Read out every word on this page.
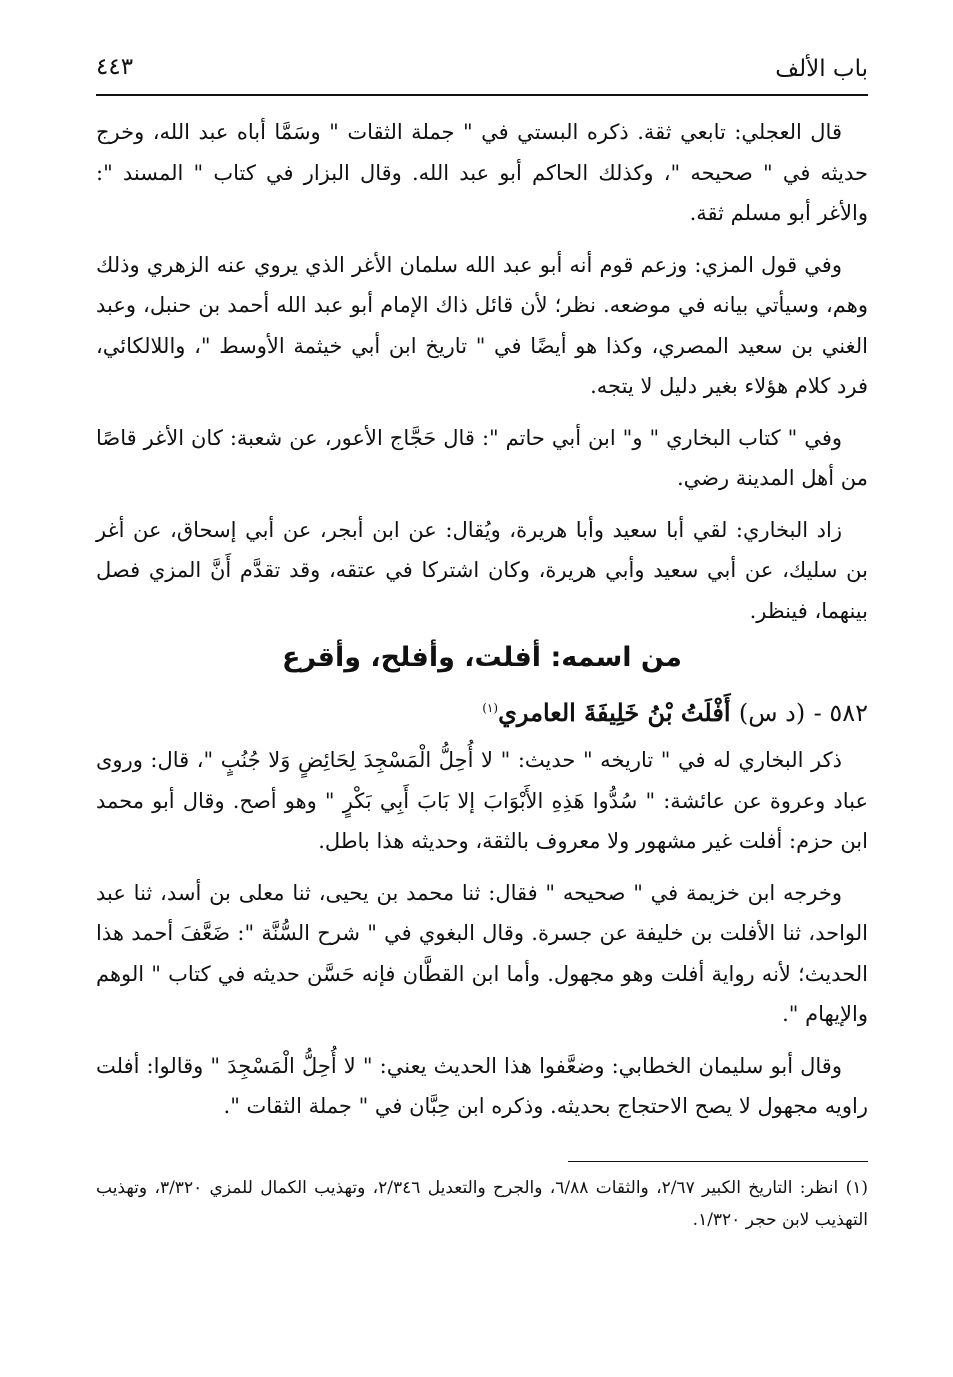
باب الألف
٤٤٣

قال العجلي: تابعي ثقة. ذكره البستي في " جملة الثقات " وسَمَّا أباه عبد الله، وخرج حديثه في " صحيحه "، وكذلك الحاكم أبو عبد الله. وقال البزار في كتاب " المسند ": والأغر أبو مسلم ثقة.

وفي قول المزي: وزعم قوم أنه أبو عبد الله سلمان الأغر الذي يروي عنه الزهري وذلك وهم، وسيأتي بيانه في موضعه. نظر؛ لأن قائل ذاك الإمام أبو عبد الله أحمد بن حنبل، وعبد الغني بن سعيد المصري، وكذا هو أيضًا في " تاريخ ابن أبي خيثمة الأوسط "، واللالكائي، فرد كلام هؤلاء بغير دليل لا يتجه.

وفي " كتاب البخاري " و" ابن أبي حاتم ": قال حَجَّاج الأعور، عن شعبة: كان الأغر قاصًا من أهل المدينة رضي.

زاد البخاري: لقي أبا سعيد وأبا هريرة، ويُقال: عن ابن أبجر، عن أبي إسحاق، عن أغر بن سليك، عن أبي سعيد وأبي هريرة، وكان اشتركا في عتقه، وقد تقدَّم أَنَّ المزي فصل بينهما، فينظر.

من اسمه: أفلت، وأفلح، وأقرع
٥٨٢ - (د س) أَفْلَتُ بْنُ خَلِيفَةَ العامري$^{(١)}$

ذكر البخاري له في " تاريخه " حديث: " لا أُحِلُّ الْمَسْجِدَ لِحَائِضٍ وَلا جُنُبٍ "، قال: وروى عباد وعروة عن عائشة: " سُدُّوا هَذِهِ الأَبْوَابَ إلا بَابَ أَبِي بَكْرٍ " وهو أصح. وقال أبو محمد ابن حزم: أفلت غير مشهور ولا معروف بالثقة، وحديثه هذا باطل.

وخرجه ابن خزيمة في " صحيحه " فقال: ثنا محمد بن يحيى، ثنا معلى بن أسد، ثنا عبد الواحد، ثنا الأفلت بن خليفة عن جسرة. وقال البغوي في " شرح السُّنَّة ": ضَعَّفَ أحمد هذا الحديث؛ لأنه رواية أفلت وهو مجهول. وأما ابن القطَّان فإنه حَسَّن حديثه في كتاب " الوهم والإيهام ".

وقال أبو سليمان الخطابي: وضعَّفوا هذا الحديث يعني: " لا أُحِلُّ الْمَسْجِدَ " وقالوا: أفلت راويه مجهول لا يصح الاحتجاج بحديثه. وذكره ابن حِبَّان في " جملة الثقات ".

(١) انظر: التاريخ الكبير ٢/٦٧، والثقات ٦/٨٨، والجرح والتعديل ٢/٣٤٦، وتهذيب الكمال للمزي ٣/٣٢٠، وتهذيب التهذيب لابن حجر ١/٣٢٠.
